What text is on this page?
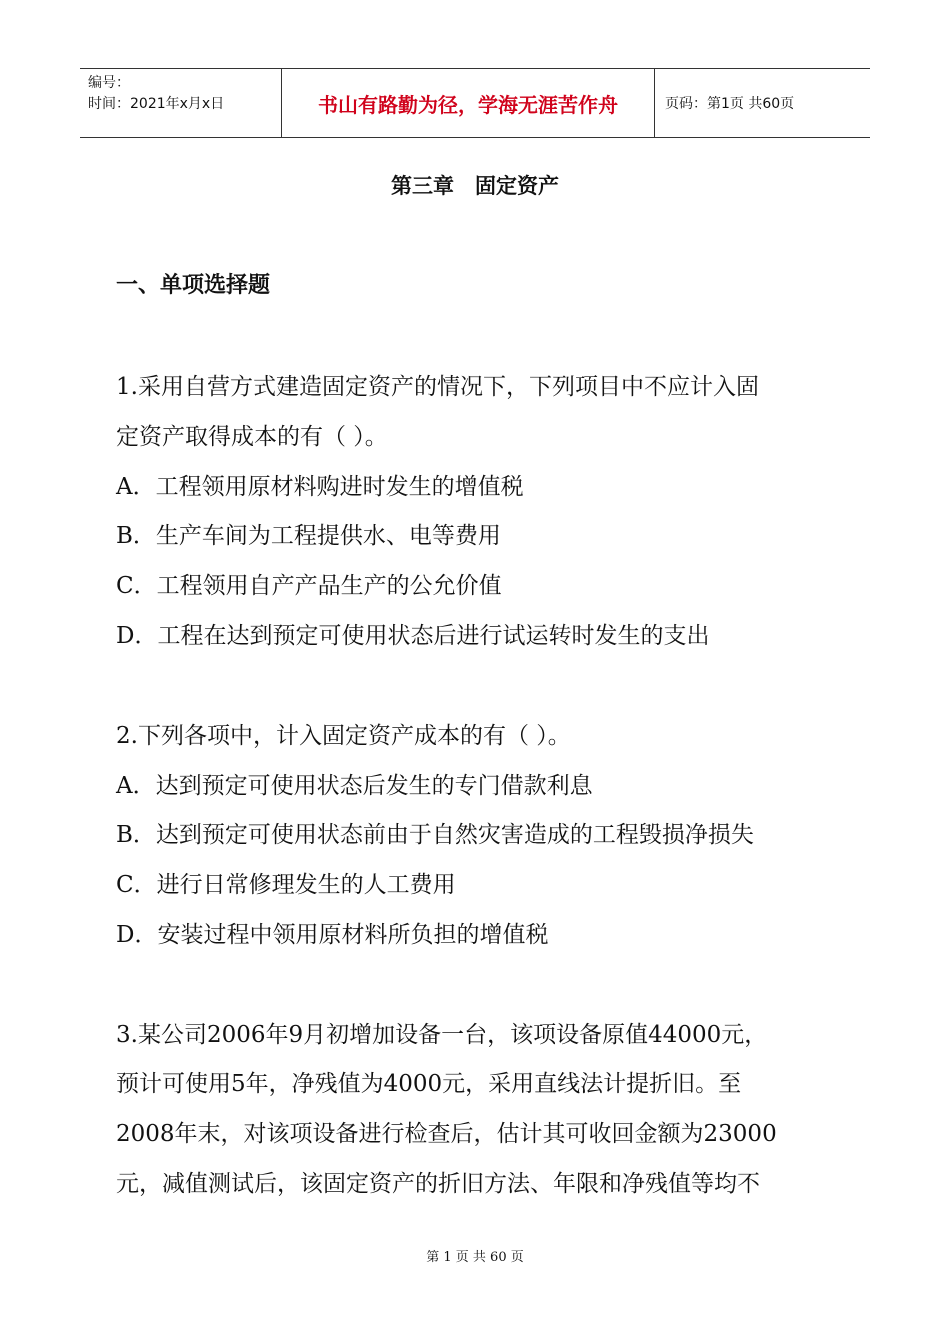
编号：
时间：2021年x月x日	书山有路勤为径，学海无涯苦作舟	页码：第1页 共60页
第三章　固定资产
一、单项选择题
1.采用自营方式建造固定资产的情况下，下列项目中不应计入固
定资产取得成本的有（ ）。
A．工程领用原材料购进时发生的增值税
B．生产车间为工程提供水、电等费用
C．工程领用自产产品生产的公允价值
D．工程在达到预定可使用状态后进行试运转时发生的支出
2.下列各项中，计入固定资产成本的有（ ）。
A．达到预定可使用状态后发生的专门借款利息
B．达到预定可使用状态前由于自然灾害造成的工程毁损净损失
C．进行日常修理发生的人工费用
D．安装过程中领用原材料所负担的增值税
3.某公司2006年9月初增加设备一台，该项设备原值44000元，
预计可使用5年，净残值为4000元，采用直线法计提折旧。至
2008年末，对该项设备进行检查后，估计其可收回金额为23000
元，减值测试后，该固定资产的折旧方法、年限和净残值等均不
第 1 页 共 60 页
